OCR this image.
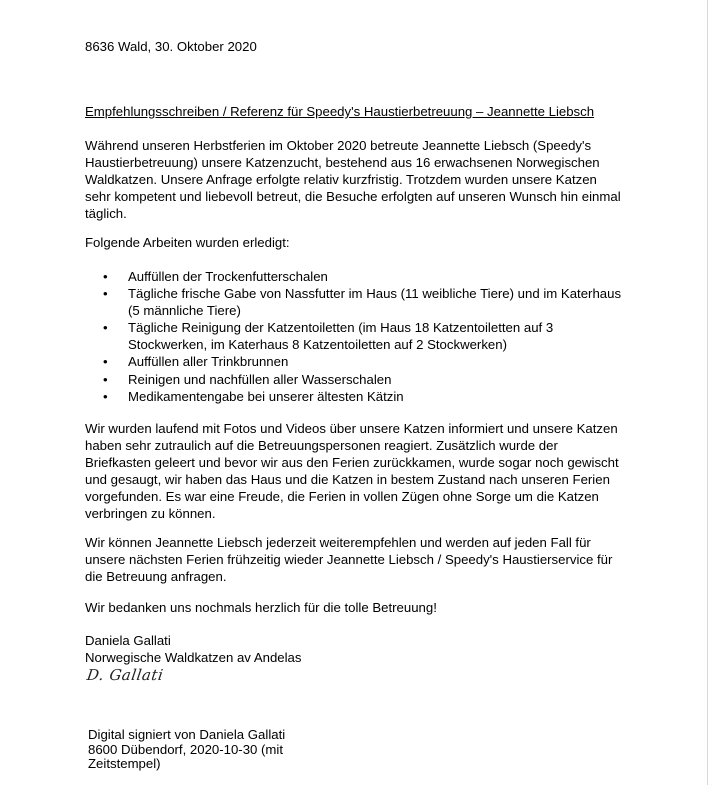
8636 Wald, 30. Oktober 2020

Empfehlungsschreiben / Referenz für Speedy's Haustierbetreuung – Jeannette Liebsch

Während unseren Herbstferien im Oktober 2020 betreute Jeannette Liebsch (Speedy's Haustierbetreuung) unsere Katzenzucht, bestehend aus 16 erwachsenen Norwegischen Waldkatzen. Unsere Anfrage erfolgte relativ kurzfristig. Trotzdem wurden unsere Katzen sehr kompetent und liebevoll betreut, die Besuche erfolgten auf unseren Wunsch hin einmal täglich.

Folgende Arbeiten wurden erledigt:

•	Auffüllen der Trockenfutterschalen
•	Tägliche frische Gabe von Nassfutter im Haus (11 weibliche Tiere) und im Katerhaus (5 männliche Tiere)
•	Tägliche Reinigung der Katzentoiletten (im Haus 18 Katzentoiletten auf 3 Stockwerken, im Katerhaus 8 Katzentoiletten auf 2 Stockwerken)
•	Auffüllen aller Trinkbrunnen
•	Reinigen und nachfüllen aller Wasserschalen
•	Medikamentengabe bei unserer ältesten Kätzin

Wir wurden laufend mit Fotos und Videos über unsere Katzen informiert und unsere Katzen haben sehr zutraulich auf die Betreuungspersonen reagiert. Zusätzlich wurde der Briefkasten geleert und bevor wir aus den Ferien zurückkamen, wurde sogar noch gewischt und gesaugt, wir haben das Haus und die Katzen in bestem Zustand nach unseren Ferien vorgefunden. Es war eine Freude, die Ferien in vollen Zügen ohne Sorge um die Katzen verbringen zu können.

Wir können Jeannette Liebsch jederzeit weiterempfehlen und werden auf jeden Fall für unsere nächsten Ferien frühzeitig wieder Jeannette Liebsch / Speedy's Haustierservice für die Betreuung anfragen.

Wir bedanken uns nochmals herzlich für die tolle Betreuung!

Daniela Gallati

Norwegische Waldkatzen av Andelas

D. Gallati

Digital signiert von Daniela Gallati
8600 Dübendorf, 2020-10-30 (mit
Zeitstempel)
